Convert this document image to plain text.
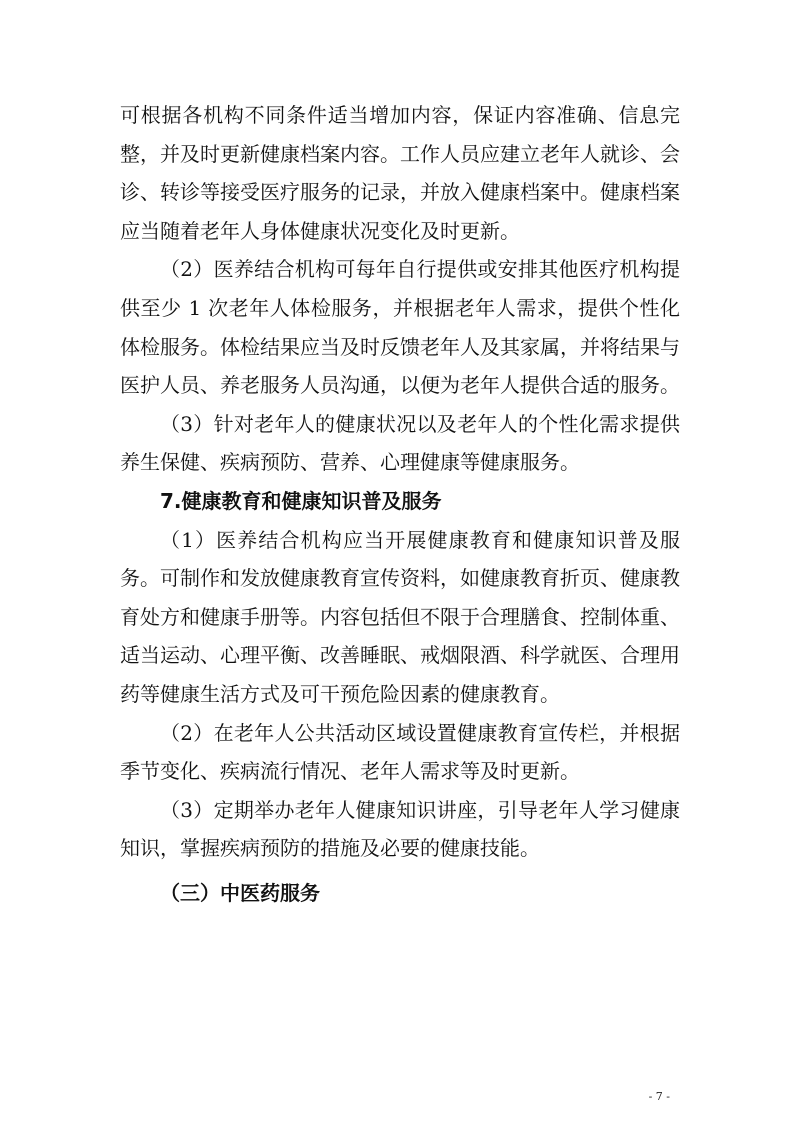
可根据各机构不同条件适当增加内容，保证内容准确、信息完整，并及时更新健康档案内容。工作人员应建立老年人就诊、会诊、转诊等接受医疗服务的记录，并放入健康档案中。健康档案应当随着老年人身体健康状况变化及时更新。

（2）医养结合机构可每年自行提供或安排其他医疗机构提供至少 1 次老年人体检服务，并根据老年人需求，提供个性化体检服务。体检结果应当及时反馈老年人及其家属，并将结果与医护人员、养老服务人员沟通，以便为老年人提供合适的服务。

（3）针对老年人的健康状况以及老年人的个性化需求提供养生保健、疾病预防、营养、心理健康等健康服务。

7.健康教育和健康知识普及服务

（1）医养结合机构应当开展健康教育和健康知识普及服务。可制作和发放健康教育宣传资料，如健康教育折页、健康教育处方和健康手册等。内容包括但不限于合理膳食、控制体重、适当运动、心理平衡、改善睡眠、戒烟限酒、科学就医、合理用药等健康生活方式及可干预危险因素的健康教育。

（2）在老年人公共活动区域设置健康教育宣传栏，并根据季节变化、疾病流行情况、老年人需求等及时更新。

（3）定期举办老年人健康知识讲座，引导老年人学习健康知识，掌握疾病预防的措施及必要的健康技能。

（三）中医药服务

- 7 -
